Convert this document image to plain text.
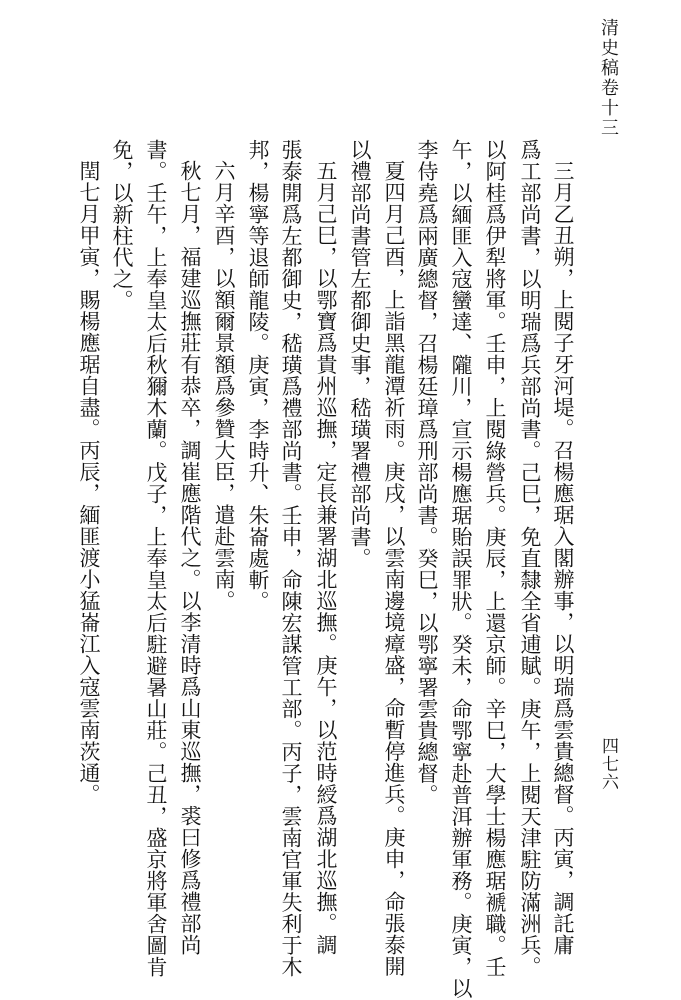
清史稿卷十三
四七六
三月乙丑朔，上閱子牙河堤。召楊應琚入閣辦事，以明瑞爲雲貴總督。丙寅，調託庸
爲工部尚書，以明瑞爲兵部尚書。己巳，免直隸全省逋賦。庚午，上閱天津駐防滿洲兵。
以阿桂爲伊犁將軍。壬申，上閱綠營兵。庚辰，上還京師。辛巳，大學士楊應琚褫職。壬
午，以緬匪入寇蠻達、隴川，宣示楊應琚貽誤罪狀。癸未，命鄂寧赴普洱辦軍務。庚寅，以
李侍堯爲兩廣總督，召楊廷璋爲刑部尚書。癸巳，以鄂寧署雲貴總督。
夏四月己酉，上詣黑龍潭祈雨。庚戌，以雲南邊境瘴盛，命暫停進兵。庚申，命張泰開
以禮部尚書管左都御史事，嵇璜署禮部尚書。
五月己巳，以鄂寶爲貴州巡撫，定長兼署湖北巡撫。庚午，以范時綬爲湖北巡撫。調
張泰開爲左都御史，嵇璜爲禮部尚書。壬申，命陳宏謀管工部。丙子，雲南官軍失利于木
邦，楊寧等退師龍陵。庚寅，李時升、朱崙處斬。
六月辛酉，以額爾景額爲參贊大臣，遣赴雲南。
秋七月，福建巡撫莊有恭卒，調崔應階代之。以李清時爲山東巡撫，裘曰修爲禮部尚
書。壬午，上奉皇太后秋獮木蘭。戊子，上奉皇太后駐避暑山莊。己丑，盛京將軍舍圖肯
免，以新柱代之。
閏七月甲寅，賜楊應琚自盡。丙辰，緬匪渡小猛崙江入寇雲南茨通。
